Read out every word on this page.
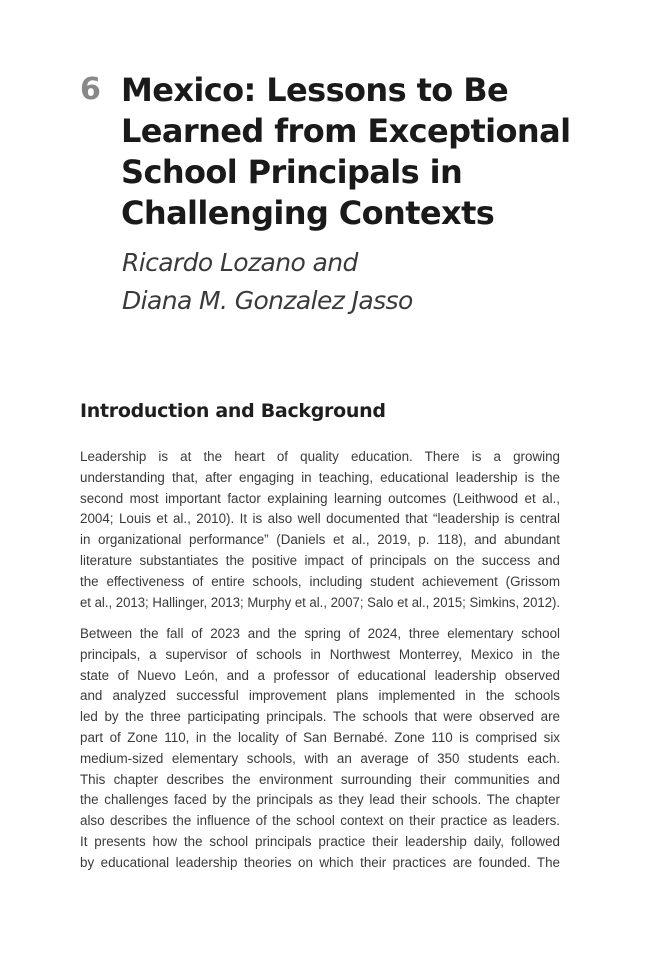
6 Mexico: Lessons to Be
Learned from Exceptional
School Principals in
Challenging Contexts
Ricardo Lozano and
Diana M. Gonzalez Jasso
Introduction and Background
Leadership is at the heart of quality education. There is a growing
understanding that, after engaging in teaching, educational leadership is the
second most important factor explaining learning outcomes (Leithwood et al.,
2004; Louis et al., 2010). It is also well documented that “leadership is central
in organizational performance” (Daniels et al., 2019, p. 118), and abundant
literature substantiates the positive impact of principals on the success and
the effectiveness of entire schools, including student achievement (Grissom
et al., 2013; Hallinger, 2013; Murphy et al., 2007; Salo et al., 2015; Simkins, 2012).
Between the fall of 2023 and the spring of 2024, three elementary school
principals, a supervisor of schools in Northwest Monterrey, Mexico in the
state of Nuevo León, and a professor of educational leadership observed
and analyzed successful improvement plans implemented in the schools
led by the three participating principals. The schools that were observed are
part of Zone 110, in the locality of San Bernabé. Zone 110 is comprised six
medium-sized elementary schools, with an average of 350 students each.
This chapter describes the environment surrounding their communities and
the challenges faced by the principals as they lead their schools. The chapter
also describes the influence of the school context on their practice as leaders.
It presents how the school principals practice their leadership daily, followed
by educational leadership theories on which their practices are founded. The
